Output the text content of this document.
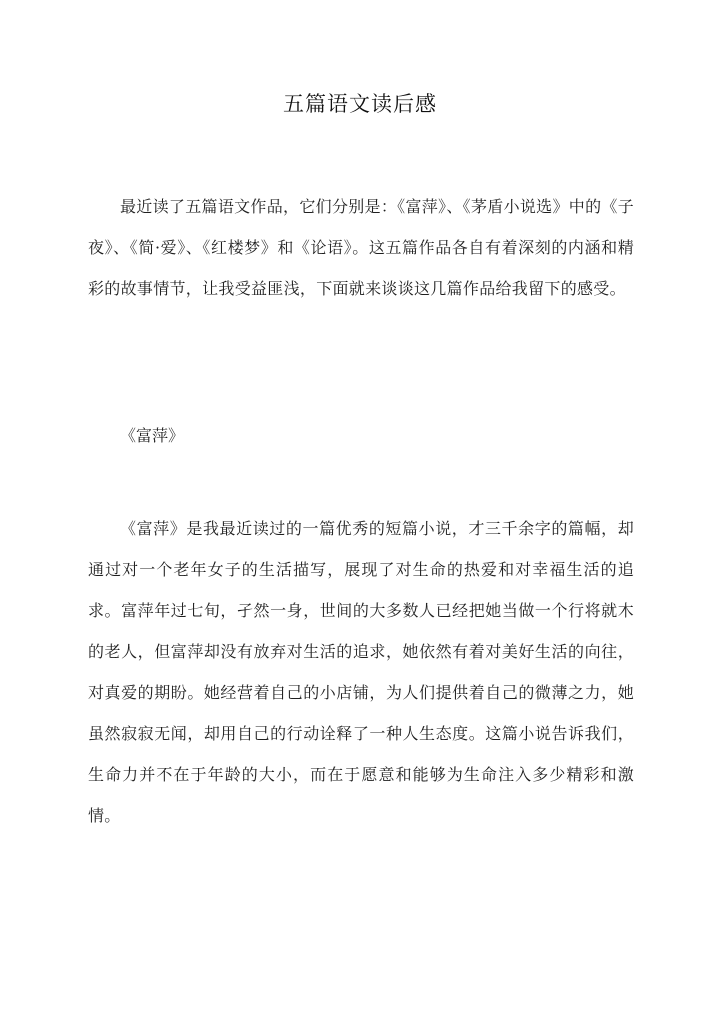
五篇语文读后感

最近读了五篇语文作品，它们分别是：《富萍》、《茅盾小说选》中的《子夜》、《简·爱》、《红楼梦》和《论语》。这五篇作品各自有着深刻的内涵和精彩的故事情节，让我受益匪浅，下面就来谈谈这几篇作品给我留下的感受。

《富萍》

《富萍》是我最近读过的一篇优秀的短篇小说，才三千余字的篇幅，却通过对一个老年女子的生活描写，展现了对生命的热爱和对幸福生活的追求。富萍年过七旬，孑然一身，世间的大多数人已经把她当做一个行将就木的老人，但富萍却没有放弃对生活的追求，她依然有着对美好生活的向往，对真爱的期盼。她经营着自己的小店铺，为人们提供着自己的微薄之力，她虽然寂寂无闻，却用自己的行动诠释了一种人生态度。这篇小说告诉我们，生命力并不在于年龄的大小，而在于愿意和能够为生命注入多少精彩和激情。
